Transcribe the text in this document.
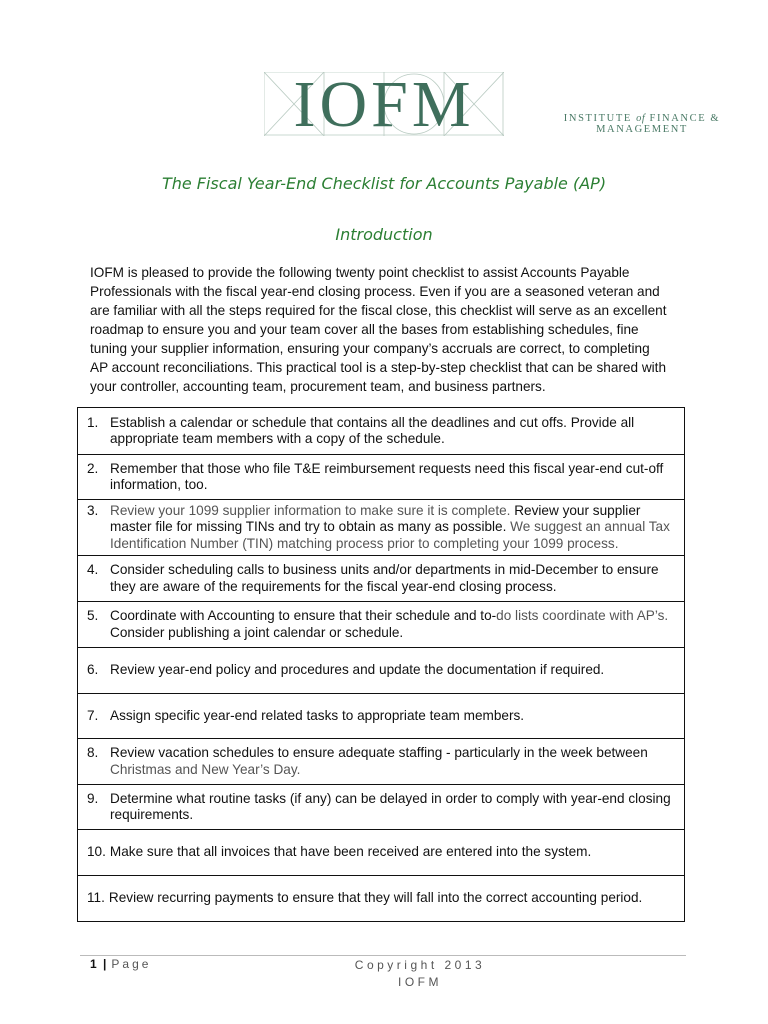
INSTITUTE of FINANCE & MANAGEMENT
IOFM
The Fiscal Year-End Checklist for Accounts Payable (AP)
Introduction

IOFM is pleased to provide the following twenty point checklist to assist Accounts Payable
Professionals with the fiscal year-end closing process. Even if you are a seasoned veteran and
are familiar with all the steps required for the fiscal close, this checklist will serve as an excellent
roadmap to ensure you and your team cover all the bases from establishing schedules, fine
tuning your supplier information, ensuring your company’s accruals are correct, to completing
AP account reconciliations. This practical tool is a step-by-step checklist that can be shared with
your controller, accounting team, procurement team, and business partners.

1. Establish a calendar or schedule that contains all the deadlines and cut offs. Provide all appropriate team members with a copy of the schedule.

2. Remember that those who file T&E reimbursement requests need this fiscal year-end cut-off information, too.

3. Review your 1099 supplier information to make sure it is complete. Review your supplier master file for missing TINs and try to obtain as many as possible. We suggest an annual Tax Identification Number (TIN) matching process prior to completing your 1099 process.

4. Consider scheduling calls to business units and/or departments in mid-December to ensure they are aware of the requirements for the fiscal year-end closing process.

5. Coordinate with Accounting to ensure that their schedule and to-do lists coordinate with AP’s. Consider publishing a joint calendar or schedule.

6. Review year-end policy and procedures and update the documentation if required.

7. Assign specific year-end related tasks to appropriate team members.

8. Review vacation schedules to ensure adequate staffing - particularly in the week between Christmas and New Year’s Day.

9. Determine what routine tasks (if any) can be delayed in order to comply with year-end closing requirements.

10. Make sure that all invoices that have been received are entered into the system.

11. Review recurring payments to ensure that they will fall into the correct accounting period.
1 | Page	Copyright 2013
IOFM
